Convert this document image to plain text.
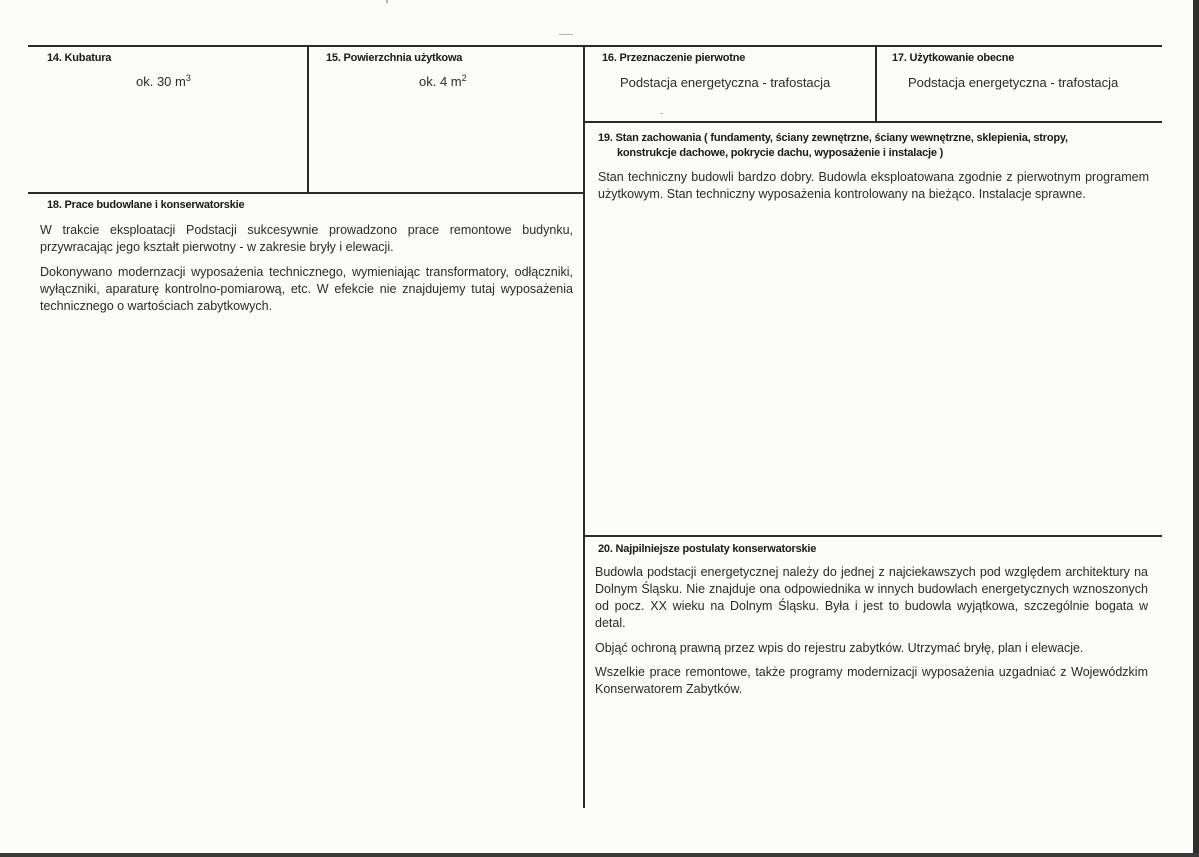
14. Kubatura
ok. 30 $m^3$
15. Powierzchnia użytkowa
ok. 4 $m^2$
16. Przeznaczenie pierwotne
Podstacja energetyczna - trafostacja
17. Użytkowanie obecne
Podstacja energetyczna - trafostacja
18. Prace budowlane i konserwatorskie

W trakcie eksploatacji Podstacji sukcesywnie prowadzono prace remontowe budynku, przywracając jego kształt pierwotny - w zakresie bryły i elewacji.

Dokonywano modernzacji wyposażenia technicznego, wymieniając transformatory, odłączniki, wyłączniki, aparaturę kontrolno-pomiarową, etc. W efekcie nie znajdujemy tutaj wyposażenia technicznego o wartościach zabytkowych.

19. Stan zachowania ( fundamenty, ściany zewnętrzne, ściany wewnętrzne, sklepienia, stropy,
konstrukcje dachowe, pokrycie dachu, wyposażenie i instalacje )

Stan techniczny budowli bardzo dobry. Budowla eksploatowana zgodnie z pierwotnym programem użytkowym. Stan techniczny wyposażenia kontrolowany na bieżąco. Instalacje sprawne.

20. Najpilniejsze postulaty konserwatorskie

Budowla podstacji energetycznej należy do jednej z najciekawszych pod względem architektury na Dolnym Śląsku. Nie znajduje ona odpowiednika w innych budowlach energetycznych wznoszonych od pocz. XX wieku na Dolnym Śląsku. Była i jest to budowla wyjątkowa, szczególnie bogata w detal.

Objąć ochroną prawną przez wpis do rejestru zabytków. Utrzymać bryłę, plan i elewacje.

Wszelkie prace remontowe, także programy modernizacji wyposażenia uzgadniać z Wojewódzkim Konserwatorem Zabytków.
